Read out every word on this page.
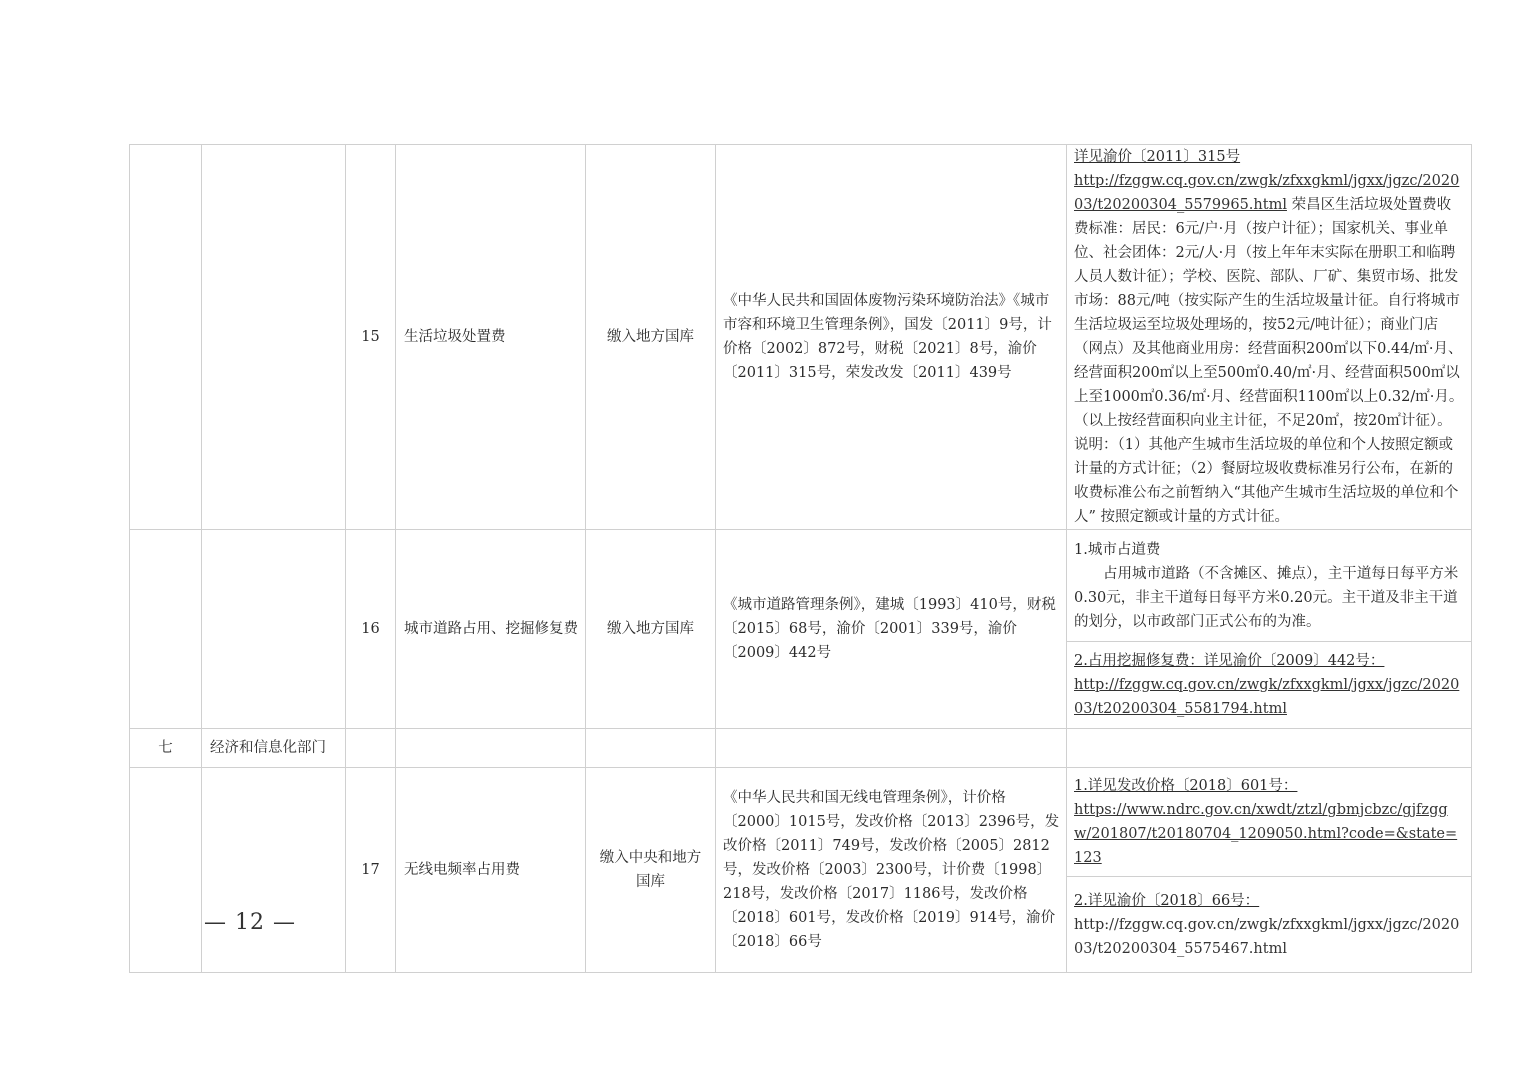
		15	生活垃圾处置费	缴入地方国库	《中华人民共和国固体废物污染环境防治法》《城市市容和环境卫生管理条例》，国发〔2011〕9号，计价格〔2002〕872号，财税〔2021〕8号，渝价〔2011〕315号，荣发改发〔2011〕439号	详见渝价〔2011〕315号
http://fzggw.cq.gov.cn/zwgk/zfxxgkml/jgxx/jgzc/202003/t20200304_5579965.html 荣昌区生活垃圾处置费收费标准：居民：6元/户·月（按户计征）；国家机关、事业单位、社会团体：2元/人·月（按上年年末实际在册职工和临聘人员人数计征）；学校、医院、部队、厂矿、集贸市场、批发市场：88元/吨（按实际产生的生活垃圾量计征。自行将城市生活垃圾运至垃圾处理场的，按52元/吨计征）；商业门店（网点）及其他商业用房：经营面积200㎡以下0.44/㎡·月、经营面积200㎡以上至500㎡0.40/㎡·月、经营面积500㎡以上至1000㎡0.36/㎡·月、经营面积1100㎡以上0.32/㎡·月。（以上按经营面积向业主计征，不足20㎡，按20㎡计征）。说明：（1）其他产生城市生活垃圾的单位和个人按照定额或计量的方式计征；（2）餐厨垃圾收费标准另行公布，在新的收费标准公布之前暂纳入“其他产生城市生活垃圾的单位和个人” 按照定额或计量的方式计征。
		16	城市道路占用、挖掘修复费	缴入地方国库	《城市道路管理条例》，建城〔1993〕410号，财税〔2015〕68号，渝价〔2001〕339号，渝价〔2009〕442号	1.城市占道费
占用城市道路（不含摊区、摊点），主干道每日每平方米0.30元，非主干道每日每平方米0.20元。主干道及非主干道的划分，以市政部门正式公布的为准。

						2.占用挖掘修复费：详见渝价〔2009〕442号：
http://fzggw.cq.gov.cn/zwgk/zfxxgkml/jgxx/jgzc/202003/t20200304_5581794.html

七	经济和信息化部门					
		17	无线电频率占用费	缴入中央和地方国库	《中华人民共和国无线电管理条例》，计价格〔2000〕1015号，发改价格〔2013〕2396号，发改价格〔2011〕749号，发改价格〔2005〕2812号，发改价格〔2003〕2300号，计价费〔1998〕218号，发改价格〔2017〕1186号，发改价格〔2018〕601号，发改价格〔2019〕914号，渝价〔2018〕66号	1.详见发改价格〔2018〕601号：
https://www.ndrc.gov.cn/xwdt/ztzl/gbmjcbzc/gjfzggw/201807/t20180704_1209050.html?code=&state=123

						2.详见渝价〔2018〕66号：
http://fzggw.cq.gov.cn/zwgk/zfxxgkml/jgxx/jgzc/202003/t20200304_5575467.html
— 12 —
